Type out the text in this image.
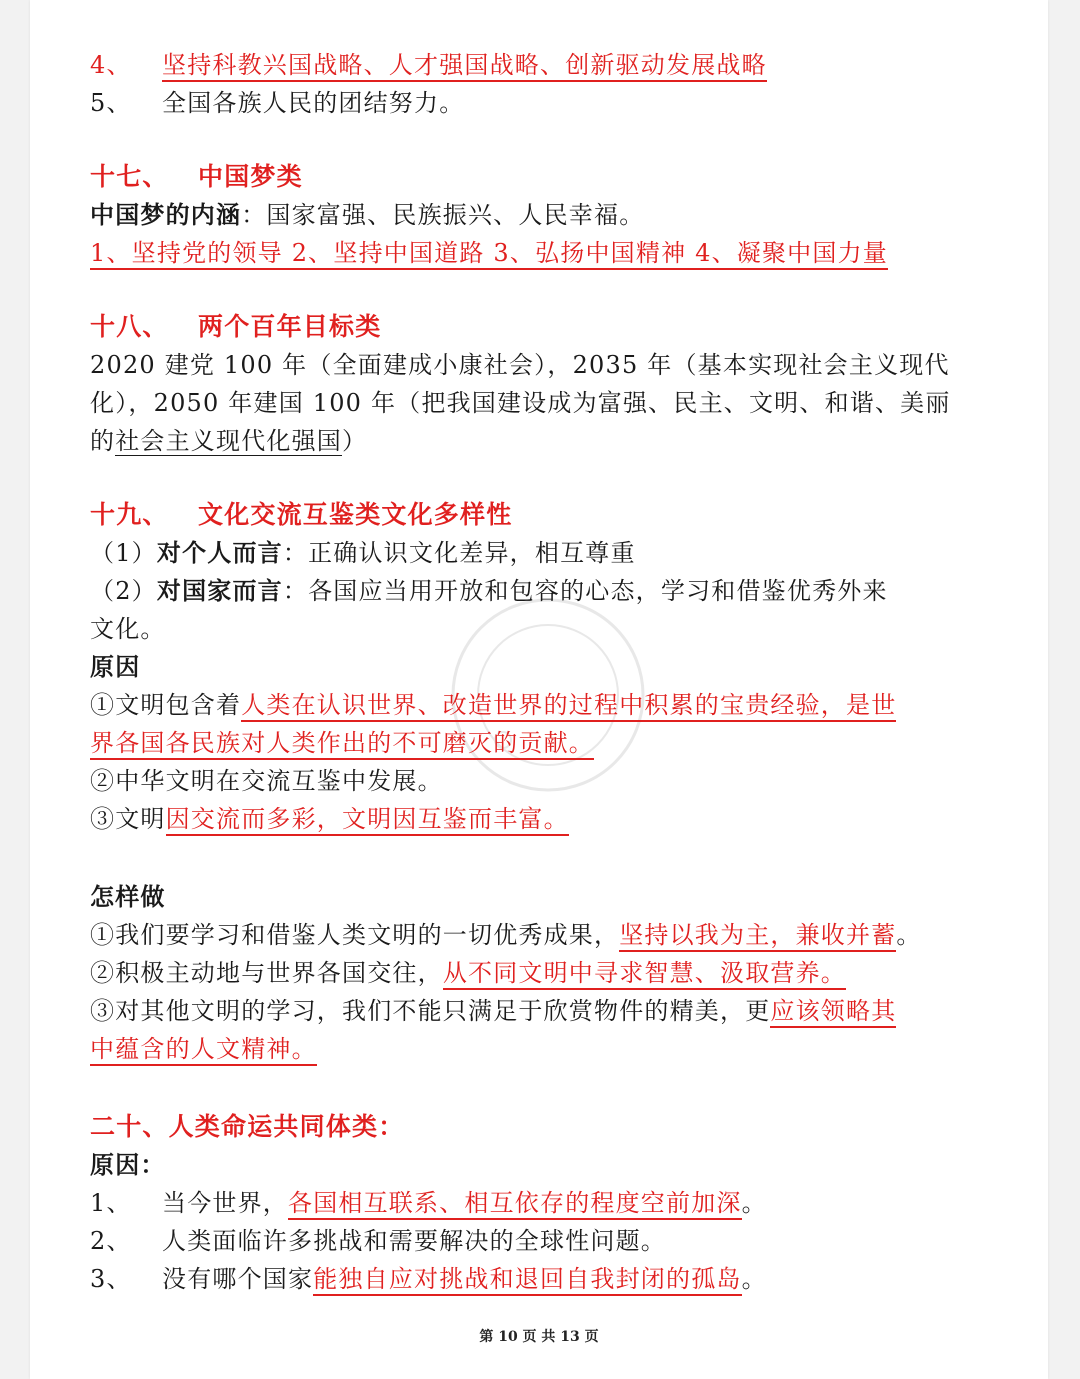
4、 坚持科教兴国战略、人才强国战略、创新驱动发展战略
5、 全国各族人民的团结努力。
十七、 中国梦类
中国梦的内涵：国家富强、民族振兴、人民幸福。
1、坚持党的领导 2、坚持中国道路 3、弘扬中国精神 4、凝聚中国力量
十八、 两个百年目标类
2020 建党 100 年（全面建成小康社会），2035 年（基本实现社会主义现代
化），2050 年建国 100 年（把我国建设成为富强、民主、文明、和谐、美丽
的社会主义现代化强国）
十九、 文化交流互鉴类文化多样性
（1）对个人而言：正确认识文化差异，相互尊重
（2）对国家而言：各国应当用开放和包容的心态，学习和借鉴优秀外来
文化。
原因
①文明包含着人类在认识世界、改造世界的过程中积累的宝贵经验，是世
界各国各民族对人类作出的不可磨灭的贡献。
②中华文明在交流互鉴中发展。
③文明因交流而多彩，文明因互鉴而丰富。
怎样做
①我们要学习和借鉴人类文明的一切优秀成果，坚持以我为主，兼收并蓄。
②积极主动地与世界各国交往，从不同文明中寻求智慧、汲取营养。
③对其他文明的学习，我们不能只满足于欣赏物件的精美，更应该领略其
中蕴含的人文精神。
二十、人类命运共同体类：
原因：
1、 当今世界，各国相互联系、相互依存的程度空前加深。
2、 人类面临许多挑战和需要解决的全球性问题。
3、 没有哪个国家能独自应对挑战和退回自我封闭的孤岛。
第 10 页 共 13 页
